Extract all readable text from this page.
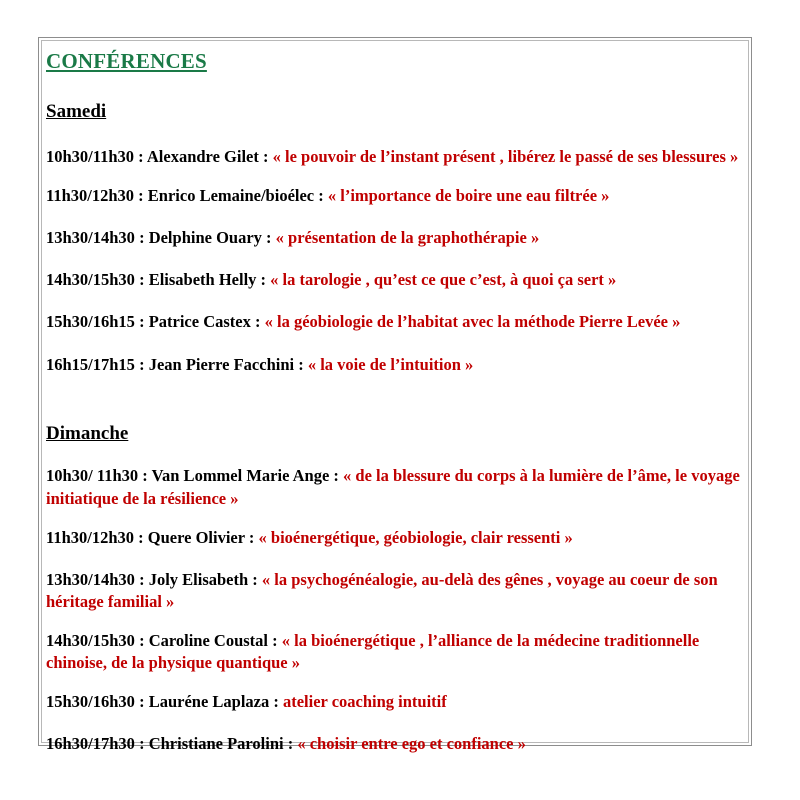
CONFÉRENCES
Samedi

10h30/11h30 : Alexandre Gilet : « le pouvoir de l’instant présent , libérez le passé de ses blessures »

11h30/12h30 : Enrico Lemaine/bioélec : « l’importance de boire une eau filtrée »

13h30/14h30 : Delphine Ouary : « présentation de la graphothérapie »

14h30/15h30 : Elisabeth Helly : « la tarologie , qu’est ce que c’est, à quoi ça sert »

15h30/16h15 : Patrice Castex : « la géobiologie de l’habitat avec la méthode Pierre Levée »

16h15/17h15 : Jean Pierre Facchini : « la voie de l’intuition »

Dimanche

10h30/ 11h30 : Van Lommel Marie Ange : « de la blessure du corps à la lumière de l’âme, le voyage initiatique de la résilience »

11h30/12h30 : Quere Olivier : « bioénergétique, géobiologie, clair ressenti »

13h30/14h30 : Joly Elisabeth : « la psychogénéalogie, au-delà des gênes , voyage au coeur de son héritage familial »

14h30/15h30 : Caroline Coustal : « la bioénergétique , l’alliance de la médecine traditionnelle chinoise, de la physique quantique »

15h30/16h30 : Lauréne Laplaza : atelier coaching intuitif

16h30/17h30 : Christiane Parolini : « choisir entre ego et confiance »
